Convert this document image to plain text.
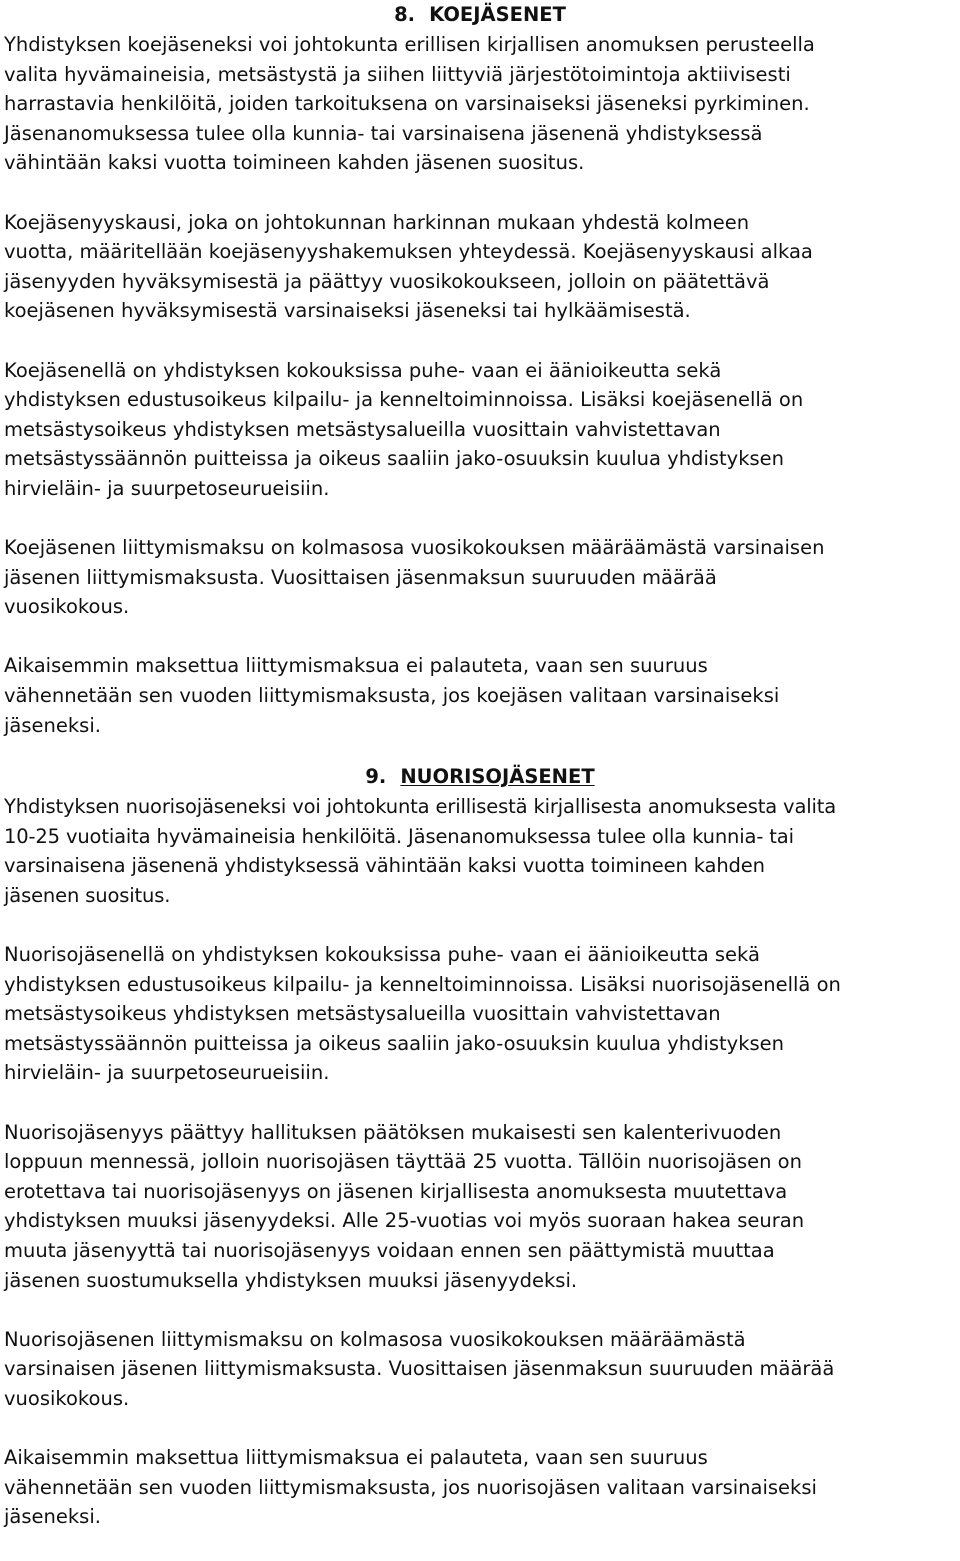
8. KOEJÄSENET

Yhdistyksen koejäseneksi voi johtokunta erillisen kirjallisen anomuksen perusteella
valita hyvämaineisia, metsästystä ja siihen liittyviä järjestötoimintoja aktiivisesti
harrastavia henkilöitä, joiden tarkoituksena on varsinaiseksi jäseneksi pyrkiminen.
Jäsenanomuksessa tulee olla kunnia- tai varsinaisena jäsenenä yhdistyksessä
vähintään kaksi vuotta toimineen kahden jäsenen suositus.

Koejäsenyyskausi, joka on johtokunnan harkinnan mukaan yhdestä kolmeen
vuotta, määritellään koejäsenyyshakemuksen yhteydessä. Koejäsenyyskausi alkaa
jäsenyyden hyväksymisestä ja päättyy vuosikokoukseen, jolloin on päätettävä
koejäsenen hyväksymisestä varsinaiseksi jäseneksi tai hylkäämisestä.

Koejäsenellä on yhdistyksen kokouksissa puhe- vaan ei äänioikeutta sekä
yhdistyksen edustusoikeus kilpailu- ja kenneltoiminnoissa. Lisäksi koejäsenellä on
metsästysoikeus yhdistyksen metsästysalueilla vuosittain vahvistettavan
metsästyssäännön puitteissa ja oikeus saaliin jako-osuuksin kuulua yhdistyksen
hirvieläin- ja suurpetoseurueisiin.

Koejäsenen liittymismaksu on kolmasosa vuosikokouksen määräämästä varsinaisen
jäsenen liittymismaksusta. Vuosittaisen jäsenmaksun suuruuden määrää
vuosikokous.

Aikaisemmin maksettua liittymismaksua ei palauteta, vaan sen suuruus
vähennetään sen vuoden liittymismaksusta, jos koejäsen valitaan varsinaiseksi
jäseneksi.

9. NUORISOJÄSENET

Yhdistyksen nuorisojäseneksi voi johtokunta erillisestä kirjallisesta anomuksesta valita
10-25 vuotiaita hyvämaineisia henkilöitä. Jäsenanomuksessa tulee olla kunnia- tai
varsinaisena jäsenenä yhdistyksessä vähintään kaksi vuotta toimineen kahden
jäsenen suositus.

Nuorisojäsenellä on yhdistyksen kokouksissa puhe- vaan ei äänioikeutta sekä
yhdistyksen edustusoikeus kilpailu- ja kenneltoiminnoissa. Lisäksi nuorisojäsenellä on
metsästysoikeus yhdistyksen metsästysalueilla vuosittain vahvistettavan
metsästyssäännön puitteissa ja oikeus saaliin jako-osuuksin kuulua yhdistyksen
hirvieläin- ja suurpetoseurueisiin.

Nuorisojäsenyys päättyy hallituksen päätöksen mukaisesti sen kalenterivuoden
loppuun mennessä, jolloin nuorisojäsen täyttää 25 vuotta. Tällöin nuorisojäsen on
erotettava tai nuorisojäsenyys on jäsenen kirjallisesta anomuksesta muutettava
yhdistyksen muuksi jäsenyydeksi. Alle 25-vuotias voi myös suoraan hakea seuran
muuta jäsenyyttä tai nuorisojäsenyys voidaan ennen sen päättymistä muuttaa
jäsenen suostumuksella yhdistyksen muuksi jäsenyydeksi.

Nuorisojäsenen liittymismaksu on kolmasosa vuosikokouksen määräämästä
varsinaisen jäsenen liittymismaksusta. Vuosittaisen jäsenmaksun suuruuden määrää
vuosikokous.

Aikaisemmin maksettua liittymismaksua ei palauteta, vaan sen suuruus
vähennetään sen vuoden liittymismaksusta, jos nuorisojäsen valitaan varsinaiseksi
jäseneksi.
